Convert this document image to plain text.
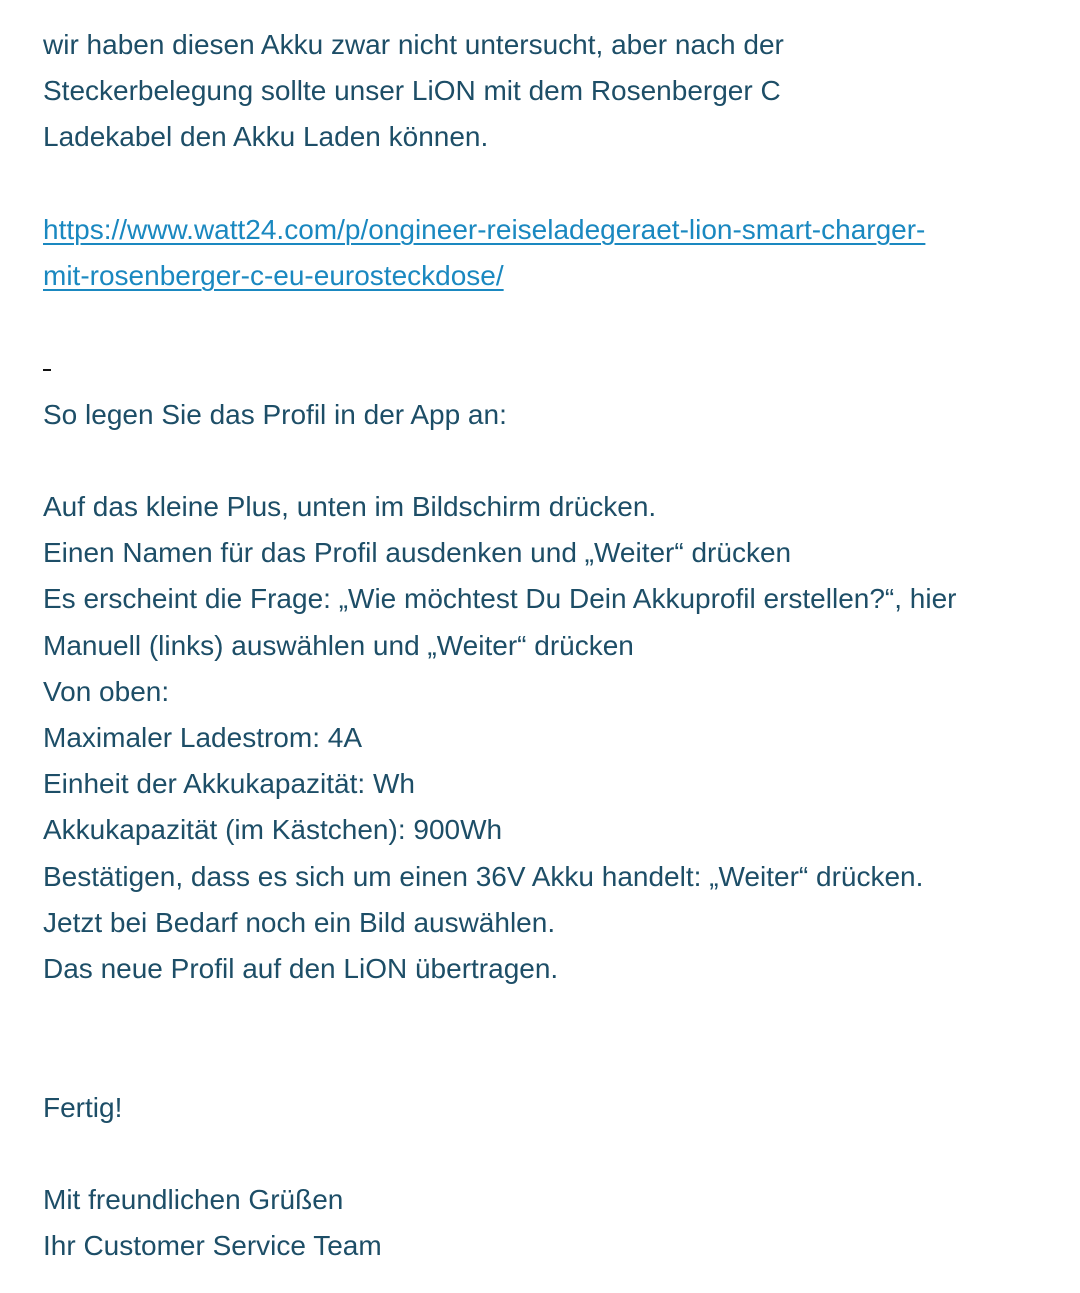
wir haben diesen Akku zwar nicht untersucht, aber nach der
Steckerbelegung sollte unser LiON mit dem Rosenberger C
Ladekabel den Akku Laden können.
https://www.watt24.com/p/ongineer-reiseladegeraet-lion-smart-charger-
mit-rosenberger-c-eu-eurosteckdose/
So legen Sie das Profil in der App an:
Auf das kleine Plus, unten im Bildschirm drücken.
Einen Namen für das Profil ausdenken und „Weiter“ drücken
Es erscheint die Frage: „Wie möchtest Du Dein Akkuprofil erstellen?“, hier
Manuell (links) auswählen und „Weiter“ drücken
Von oben:
Maximaler Ladestrom: 4A
Einheit der Akkukapazität: Wh
Akkukapazität (im Kästchen): 900Wh
Bestätigen, dass es sich um einen 36V Akku handelt: „Weiter“ drücken.
Jetzt bei Bedarf noch ein Bild auswählen.
Das neue Profil auf den LiON übertragen.
Fertig!
Mit freundlichen Grüßen
Ihr Customer Service Team
